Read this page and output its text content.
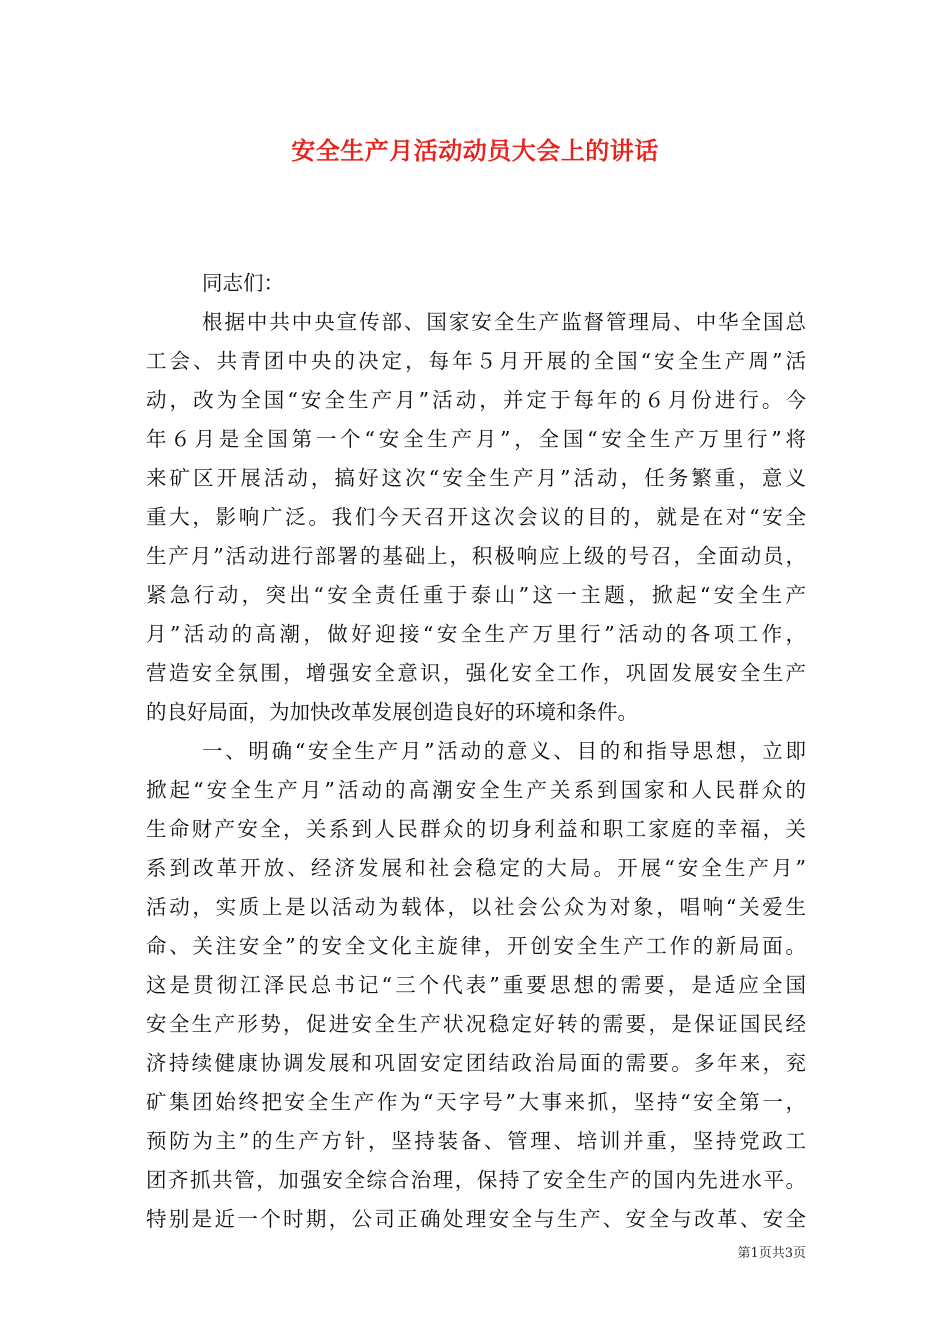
安全生产月活动动员大会上的讲话
同志们：
根据中共中央宣传部、国家安全生产监督管理局、中华全国总
工会、共青团中央的决定，每年５月开展的全国“安全生产周”活
动，改为全国“安全生产月”活动，并定于每年的６月份进行。今
年６月是全国第一个“安全生产月”，全国“安全生产万里行”将
来矿区开展活动，搞好这次“安全生产月”活动，任务繁重，意义
重大，影响广泛。我们今天召开这次会议的目的，就是在对“安全
生产月”活动进行部署的基础上，积极响应上级的号召，全面动员，
紧急行动，突出“安全责任重于泰山”这一主题，掀起“安全生产
月”活动的高潮，做好迎接“安全生产万里行”活动的各项工作，
营造安全氛围，增强安全意识，强化安全工作，巩固发展安全生产
的良好局面，为加快改革发展创造良好的环境和条件。
一、明确“安全生产月”活动的意义、目的和指导思想，立即
掀起“安全生产月”活动的高潮安全生产关系到国家和人民群众的
生命财产安全，关系到人民群众的切身利益和职工家庭的幸福，关
系到改革开放、经济发展和社会稳定的大局。开展“安全生产月”
活动，实质上是以活动为载体，以社会公众为对象，唱响“关爱生
命、关注安全”的安全文化主旋律，开创安全生产工作的新局面。
这是贯彻江泽民总书记“三个代表”重要思想的需要，是适应全国
安全生产形势，促进安全生产状况稳定好转的需要，是保证国民经
济持续健康协调发展和巩固安定团结政治局面的需要。多年来，兖
矿集团始终把安全生产作为“天字号”大事来抓，坚持“安全第一，
预防为主”的生产方针，坚持装备、管理、培训并重，坚持党政工
团齐抓共管，加强安全综合治理，保持了安全生产的国内先进水平。
特别是近一个时期，公司正确处理安全与生产、安全与改革、安全
第1页共3页
